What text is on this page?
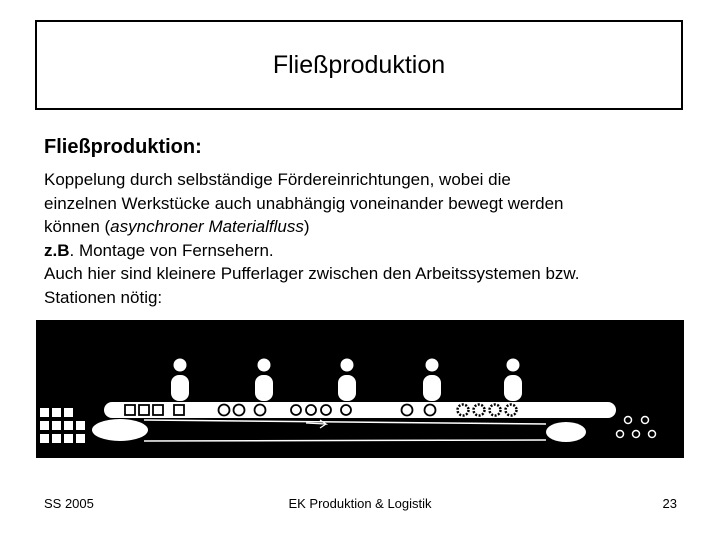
Fließproduktion
Fließproduktion:
Koppelung durch selbständige Fördereinrichtungen, wobei die
einzelnen Werkstücke auch unabhängig voneinander bewegt werden
können (asynchroner Materialfluss)
z.B. Montage von Fernsehern.
Auch hier sind kleinere Pufferlager zwischen den Arbeitssystemen bzw.
Stationen nötig:
SS 2005	EK Produktion & Logistik	23
